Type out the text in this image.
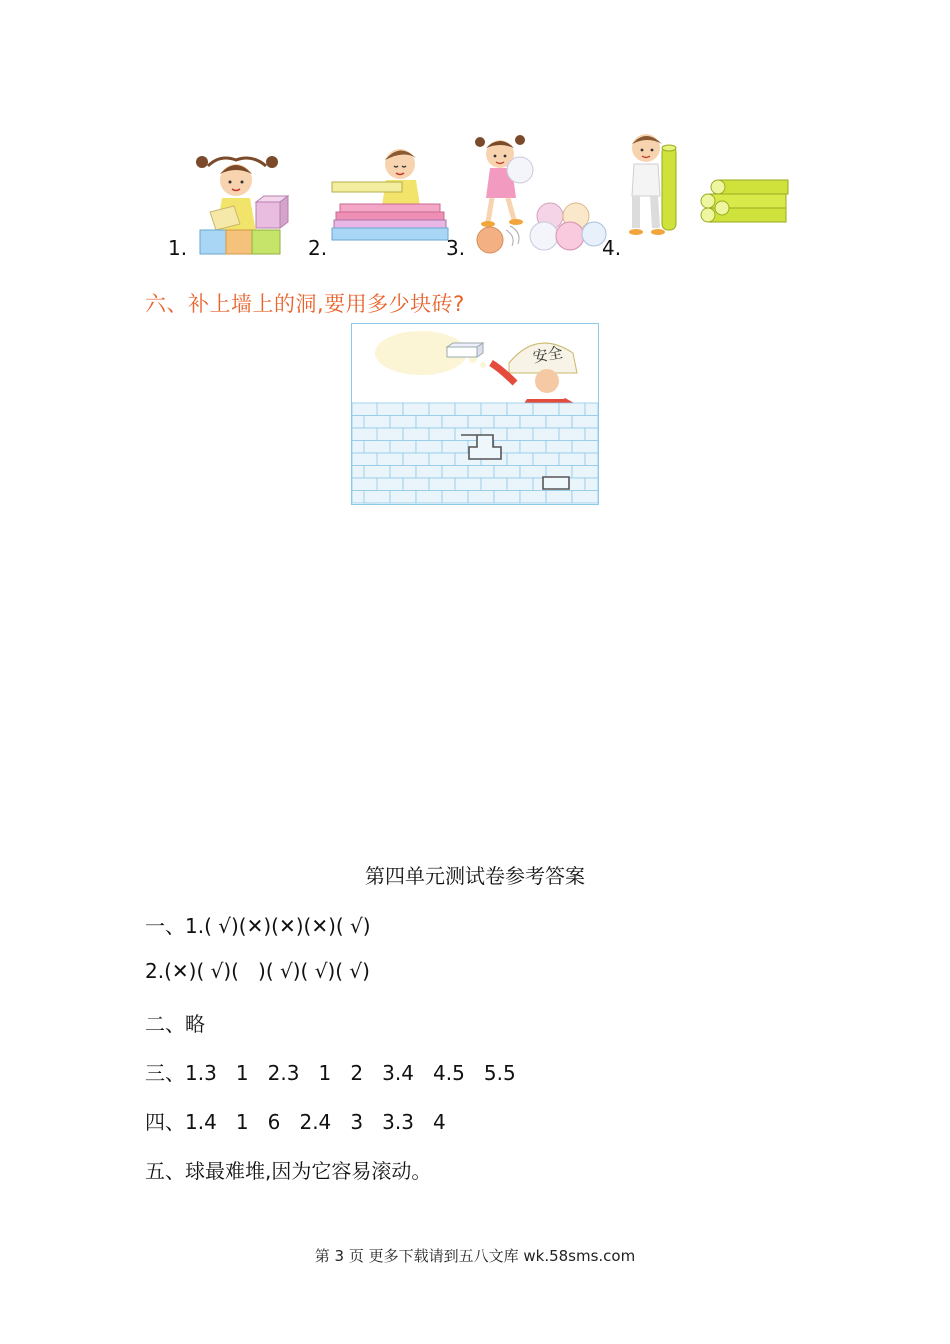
1.	2.	3.	4.
六、补上墙上的洞,要用多少块砖?
安全
第四单元测试卷参考答案
一、1.( √)(✕)(✕)(✕)( √)
2.(✕)( √)(   )( √)( √)( √)
二、略
三、1.3   1   2.3   1   2   3.4   4.5   5.5
四、1.4   1   6   2.4   3   3.3   4
五、球最难堆,因为它容易滚动。
第 3 页 更多下载请到五八文库 wk.58sms.com
